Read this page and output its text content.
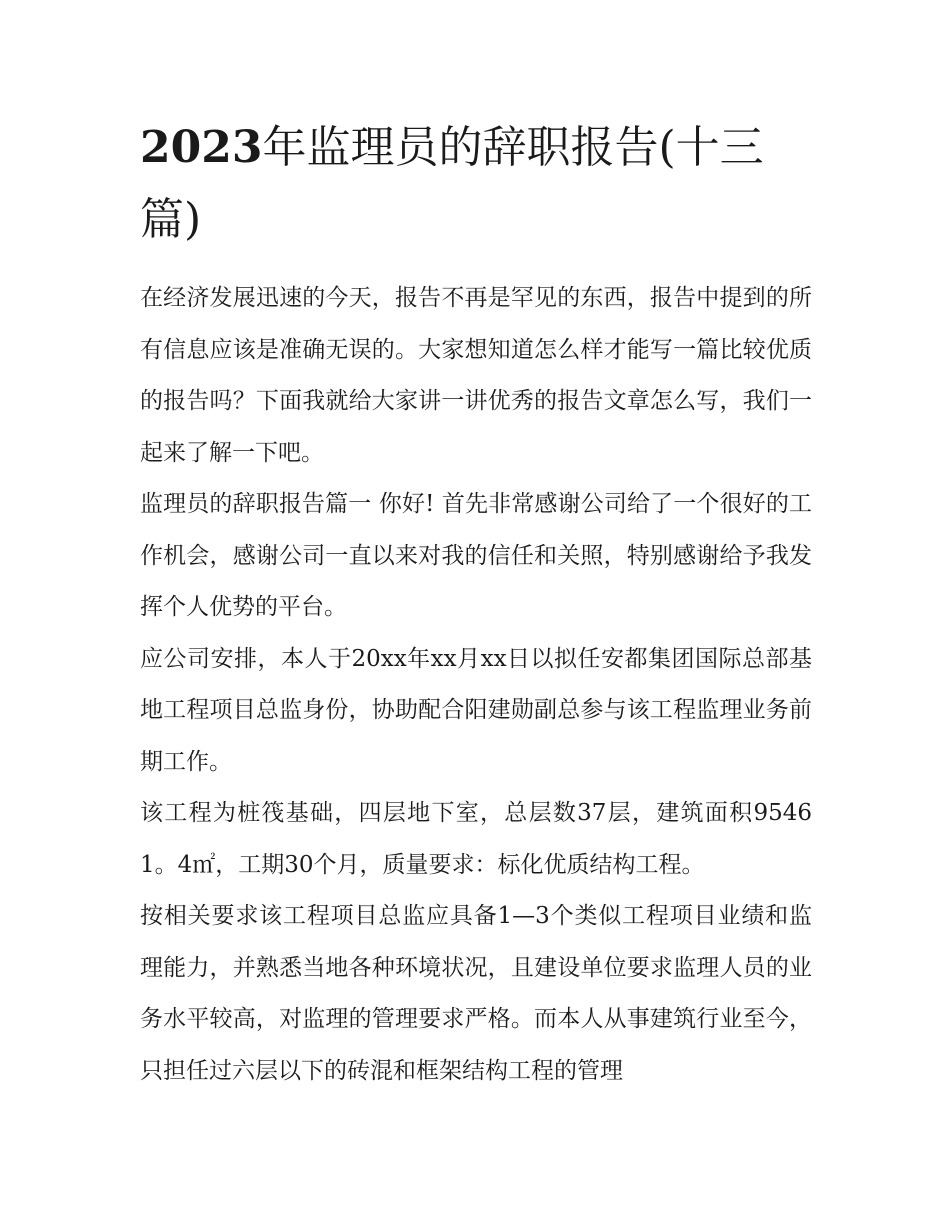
2023年监理员的辞职报告(十三篇)

在经济发展迅速的今天，报告不再是罕见的东西，报告中提到的所有信息应该是准确无误的。大家想知道怎么样才能写一篇比较优质的报告吗？下面我就给大家讲一讲优秀的报告文章怎么写，我们一起来了解一下吧。

监理员的辞职报告篇一 你好! 首先非常感谢公司给了一个很好的工作机会，感谢公司一直以来对我的信任和关照，特别感谢给予我发挥个人优势的平台。

应公司安排，本人于20xx年xx月xx日以拟任安都集团国际总部基地工程项目总监身份，协助配合阳建勋副总参与该工程监理业务前期工作。

该工程为桩筏基础，四层地下室，总层数37层，建筑面积95461。4㎡，工期30个月，质量要求：标化优质结构工程。

按相关要求该工程项目总监应具备1—3个类似工程项目业绩和监理能力，并熟悉当地各种环境状况，且建设单位要求监理人员的业务水平较高，对监理的管理要求严格。而本人从事建筑行业至今，只担任过六层以下的砖混和框架结构工程的管理
